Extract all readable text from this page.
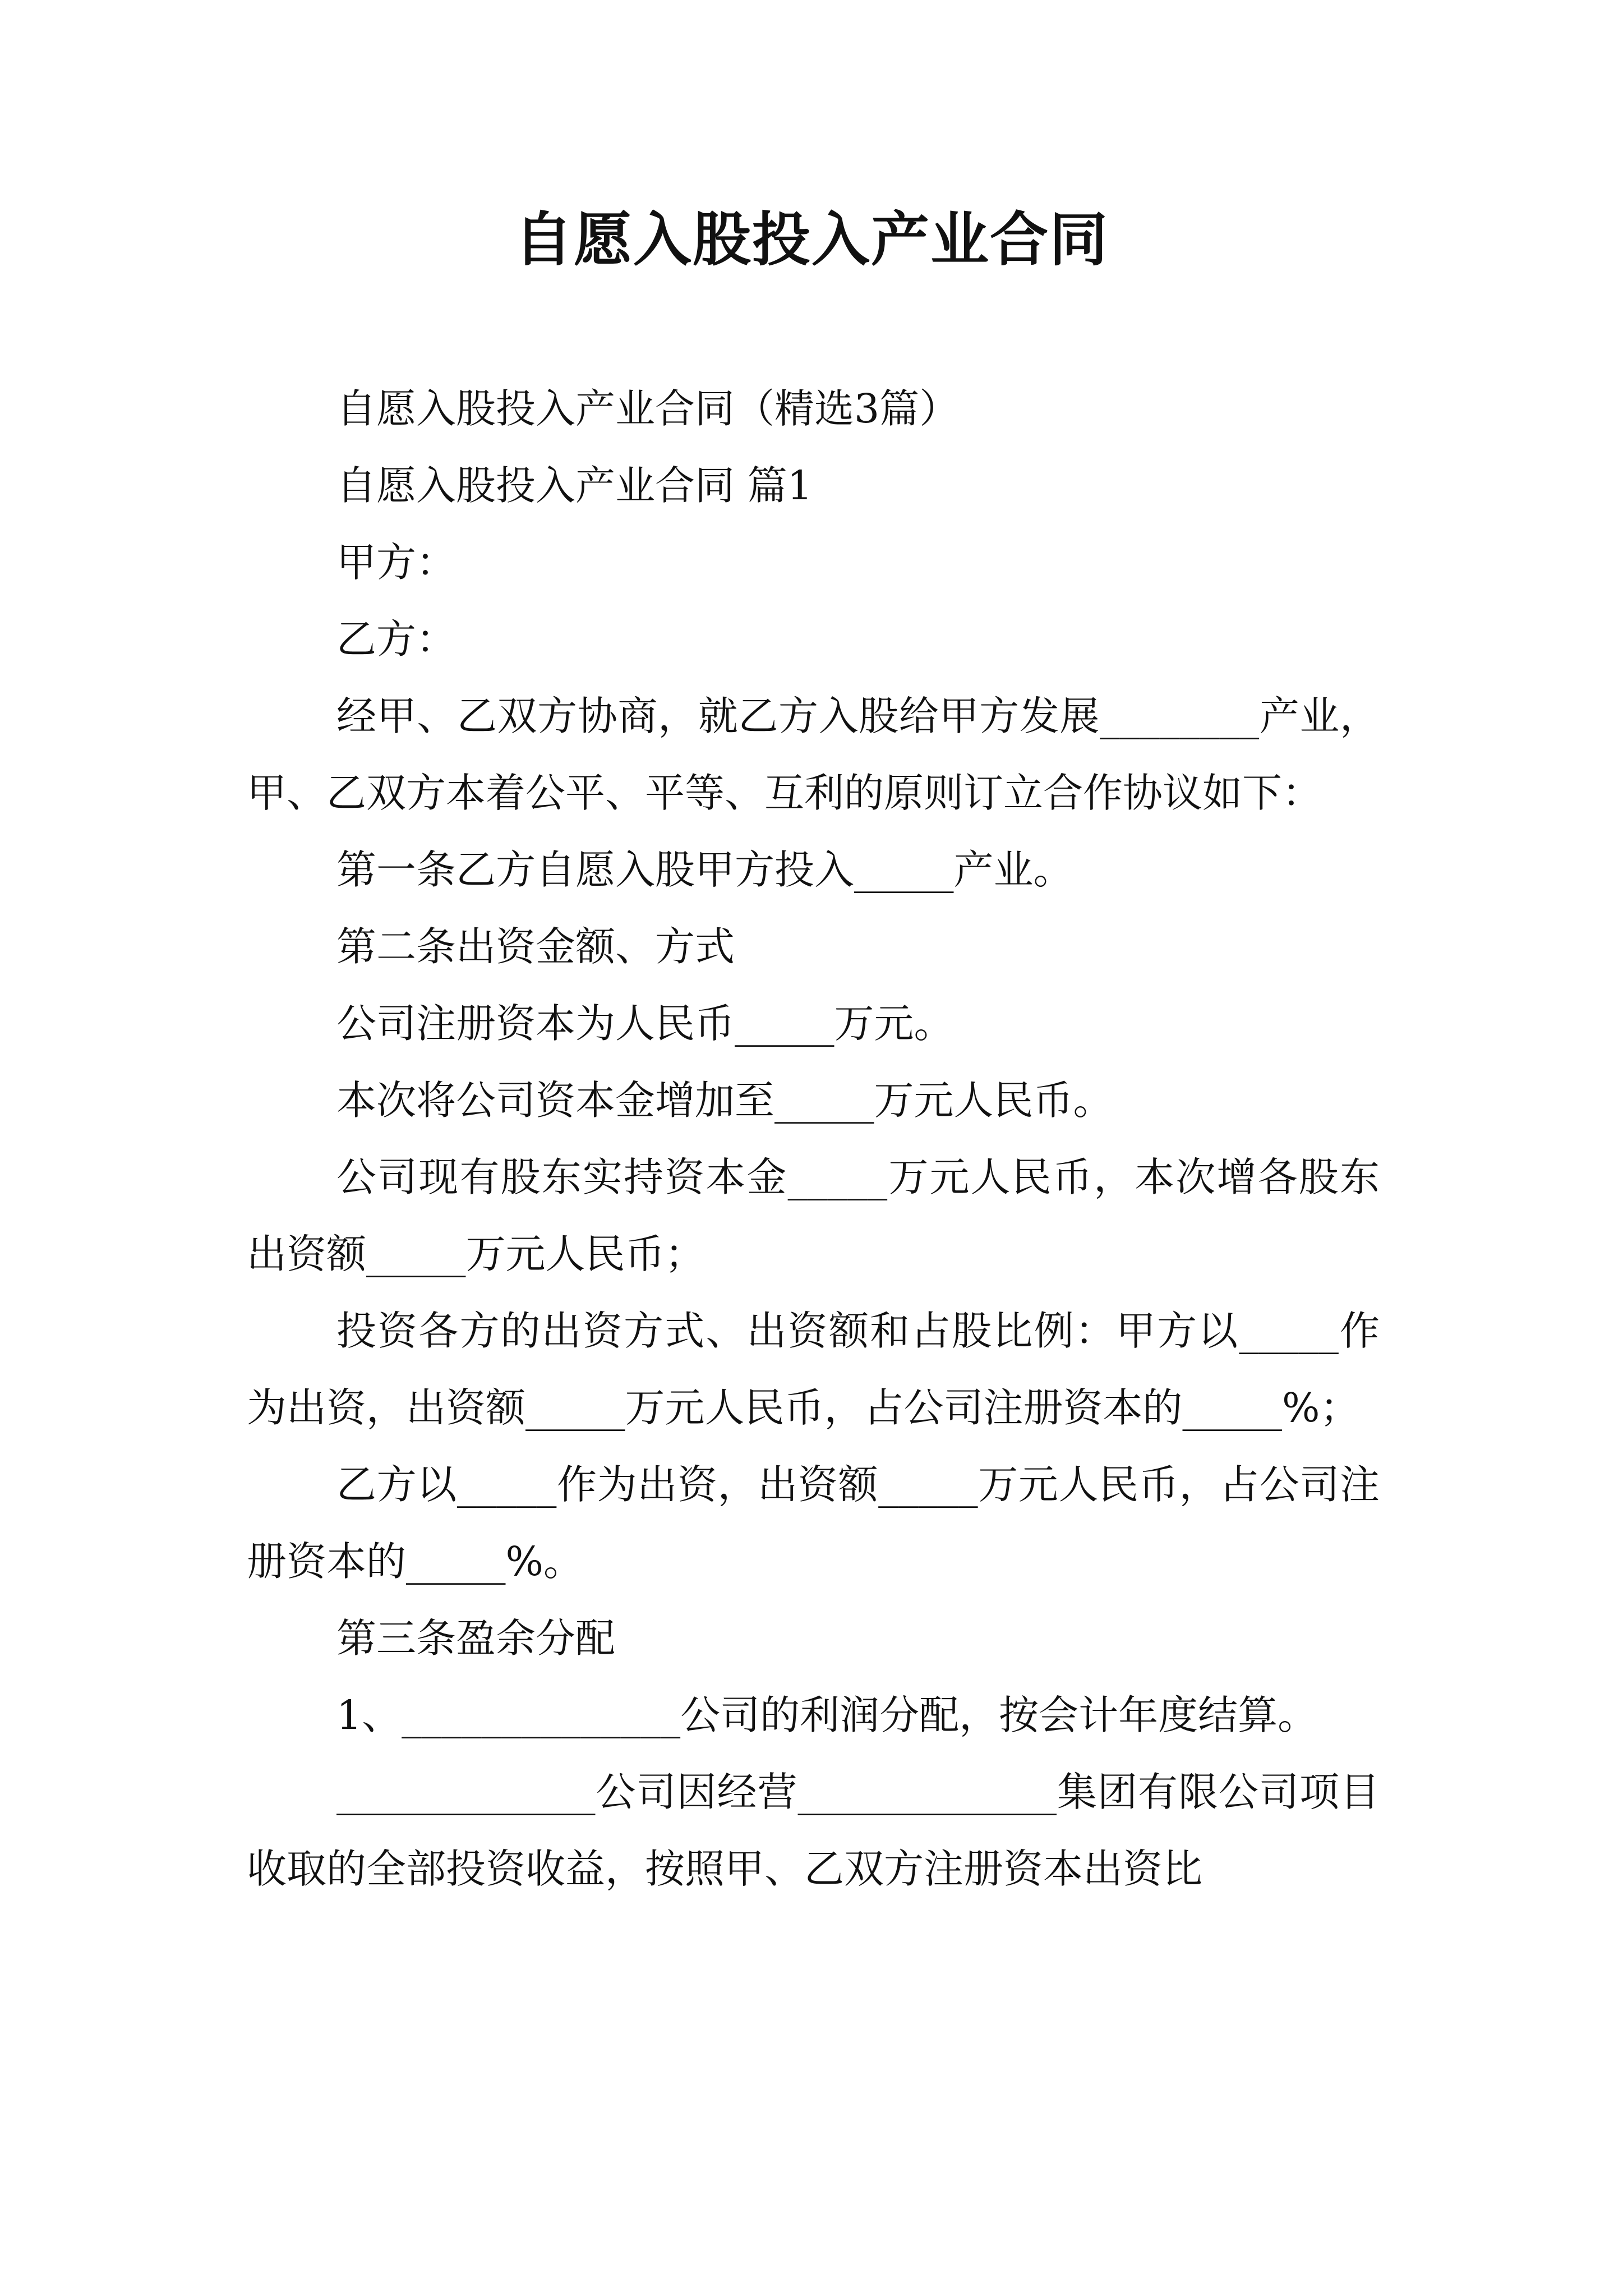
自愿入股投入产业合同

自愿入股投入产业合同（精选3篇）

自愿入股投入产业合同 篇1

甲方：

乙方：

经甲、乙双方协商，就乙方入股给甲方发展________产业，甲、乙双方本着公平、平等、互利的原则订立合作协议如下：

第一条乙方自愿入股甲方投入_____产业。

第二条出资金额、方式

公司注册资本为人民币_____万元。

本次将公司资本金增加至_____万元人民币。

公司现有股东实持资本金_____万元人民币，本次增各股东出资额_____万元人民币；

投资各方的出资方式、出资额和占股比例：甲方以_____作为出资，出资额_____万元人民币，占公司注册资本的_____%；

乙方以_____作为出资，出资额_____万元人民币，占公司注册资本的_____%。

第三条盈余分配

1、______________公司的利润分配，按会计年度结算。

_____________公司因经营_____________集团有限公司项目收取的全部投资收益，按照甲、乙双方注册资本出资比
